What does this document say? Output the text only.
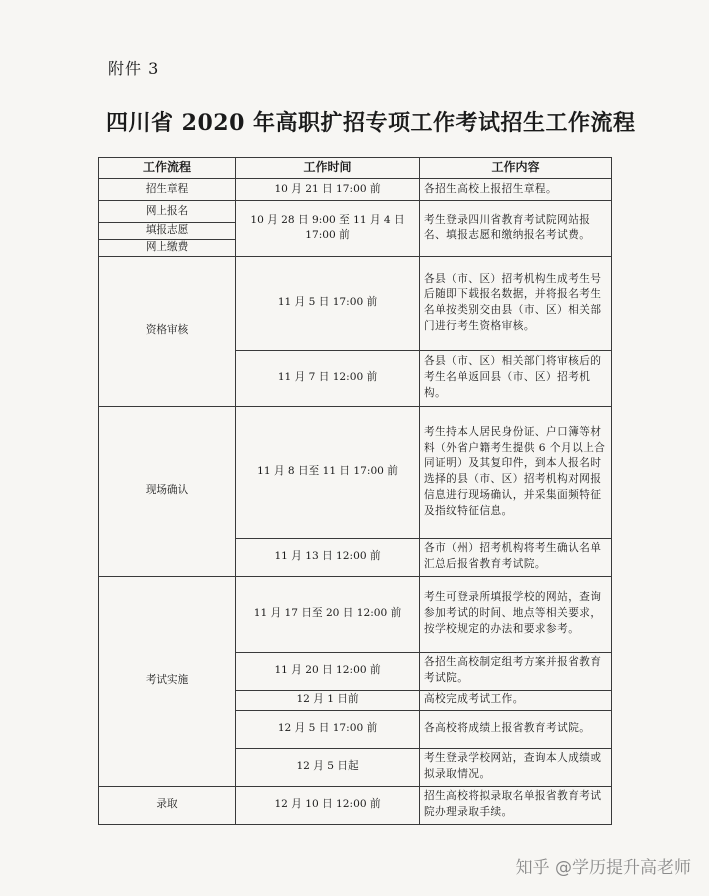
附件 3
四川省 2020 年高职扩招专项工作考试招生工作流程
工作流程	工作时间	工作内容
招生章程	10 月 21 日 17:00 前	各招生高校上报招生章程。
网上报名	10 月 28 日 9:00 至 11 月 4 日 17:00 前	考生登录四川省教育考试院网站报名、填报志愿和缴纳报名考试费。
填报志愿		
网上缴费		
资格审核	11 月 5 日 17:00 前	各县（市、区）招考机构生成考生号后随即下载报名数据，并将报名考生名单按类别交由县（市、区）相关部门进行考生资格审核。
	11 月 7 日 12:00 前	各县（市、区）相关部门将审核后的考生名单返回县（市、区）招考机构。
现场确认	11 月 8 日至 11 日 17:00 前	考生持本人居民身份证、户口簿等材料（外省户籍考生提供 6 个月以上合同证明）及其复印件，到本人报名时选择的县（市、区）招考机构对网报信息进行现场确认，并采集面频特征及指纹特征信息。
	11 月 13 日 12:00 前	各市（州）招考机构将考生确认名单汇总后报省教育考试院。
考试实施	11 月 17 日至 20 日 12:00 前	考生可登录所填报学校的网站，查询参加考试的时间、地点等相关要求，按学校规定的办法和要求参考。
	11 月 20 日 12:00 前	各招生高校制定组考方案并报省教育考试院。
	12 月 1 日前	高校完成考试工作。
	12 月 5 日 17:00 前	各高校将成绩上报省教育考试院。
	12 月 5 日起	考生登录学校网站，查询本人成绩或拟录取情况。
录取	12 月 10 日 12:00 前	招生高校将拟录取名单报省教育考试院办理录取手续。
知乎 @学历提升高老师
